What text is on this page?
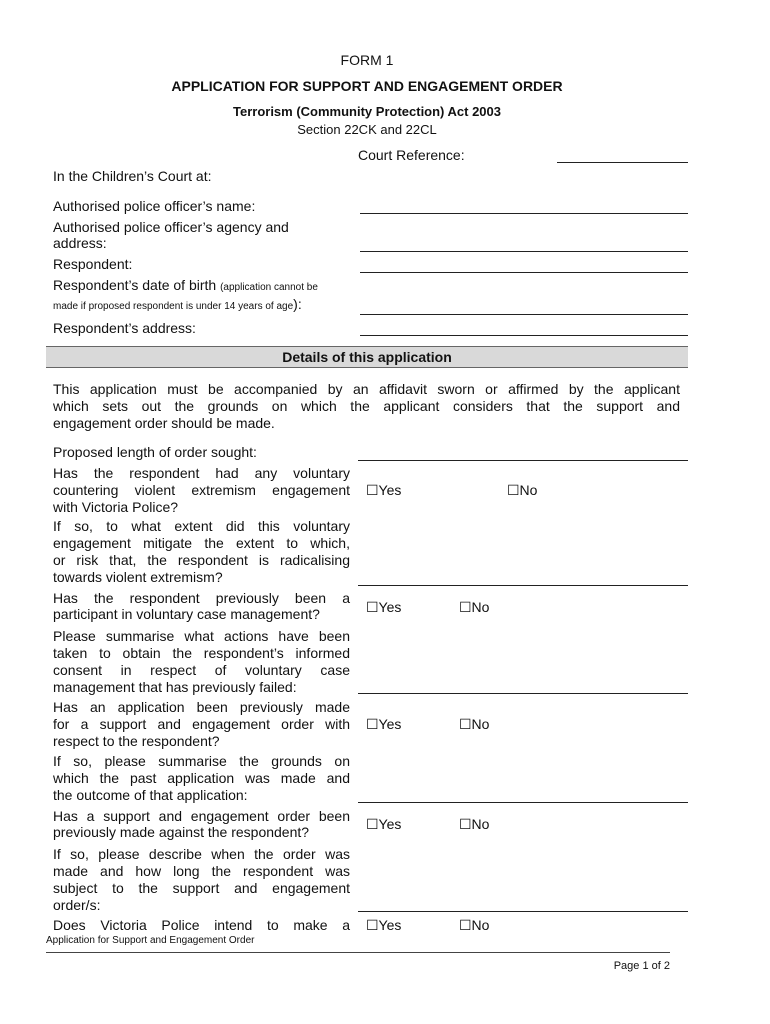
FORM 1
APPLICATION FOR SUPPORT AND ENGAGEMENT ORDER
Terrorism (Community Protection) Act 2003
Section 22CK and 22CL
Court Reference:
In the Children’s Court at:
Authorised police officer’s name:
Authorised police officer’s agency and
address:
Respondent:
Respondent’s date of birth (application cannot be
made if proposed respondent is under 14 years of age):
Respondent’s address:
Details of this application
This application must be accompanied by an affidavit sworn or affirmed by the applicant
which sets out the grounds on which the applicant considers that the support and
engagement order should be made.
Proposed length of order sought:
Has the respondent had any voluntary
countering violent extremism engagement
with Victoria Police?
☐Yes	☐No
If so, to what extent did this voluntary
engagement mitigate the extent to which,
or risk that, the respondent is radicalising
towards violent extremism?
Has the respondent previously been a
participant in voluntary case management?	☐Yes	☐No
Please summarise what actions have been
taken to obtain the respondent’s informed
consent in respect of voluntary case
management that has previously failed:
Has an application been previously made
for a support and engagement order with
respect to the respondent?
☐Yes	☐No
If so, please summarise the grounds on
which the past application was made and
the outcome of that application:
Has a support and engagement order been
previously made against the respondent?	☐Yes	☐No
If so, please describe when the order was
made and how long the respondent was
subject to the support and engagement
order/s:
Does Victoria Police intend to make a ☐Yes	☐No
Application for Support and Engagement Order
Page 1 of 2
